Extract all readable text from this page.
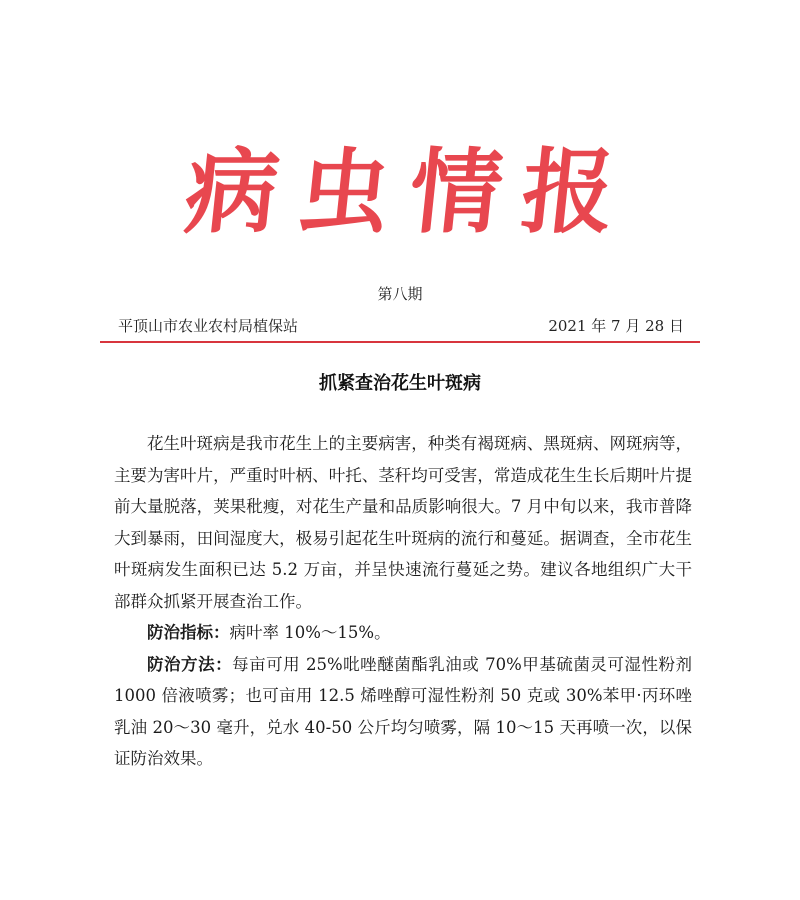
病虫情报
第八期
平顶山市农业农村局植保站	2021 年 7 月 28 日
抓紧查治花生叶斑病

花生叶斑病是我市花生上的主要病害，种类有褐斑病、黑斑病、网斑病等，主要为害叶片，严重时叶柄、叶托、茎秆均可受害，常造成花生生长后期叶片提前大量脱落，荚果秕瘦，对花生产量和品质影响很大。7 月中旬以来，我市普降大到暴雨，田间湿度大，极易引起花生叶斑病的流行和蔓延。据调查，全市花生叶斑病发生面积已达 5.2 万亩，并呈快速流行蔓延之势。建议各地组织广大干部群众抓紧开展查治工作。

防治指标：病叶率 10%～15%。

防治方法：每亩可用 25%吡唑醚菌酯乳油或 70%甲基硫菌灵可湿性粉剂 1000 倍液喷雾；也可亩用 12.5 烯唑醇可湿性粉剂 50 克或 30%苯甲·丙环唑乳油 20～30 毫升，兑水 40-50 公斤均匀喷雾，隔 10～15 天再喷一次，以保证防治效果。
